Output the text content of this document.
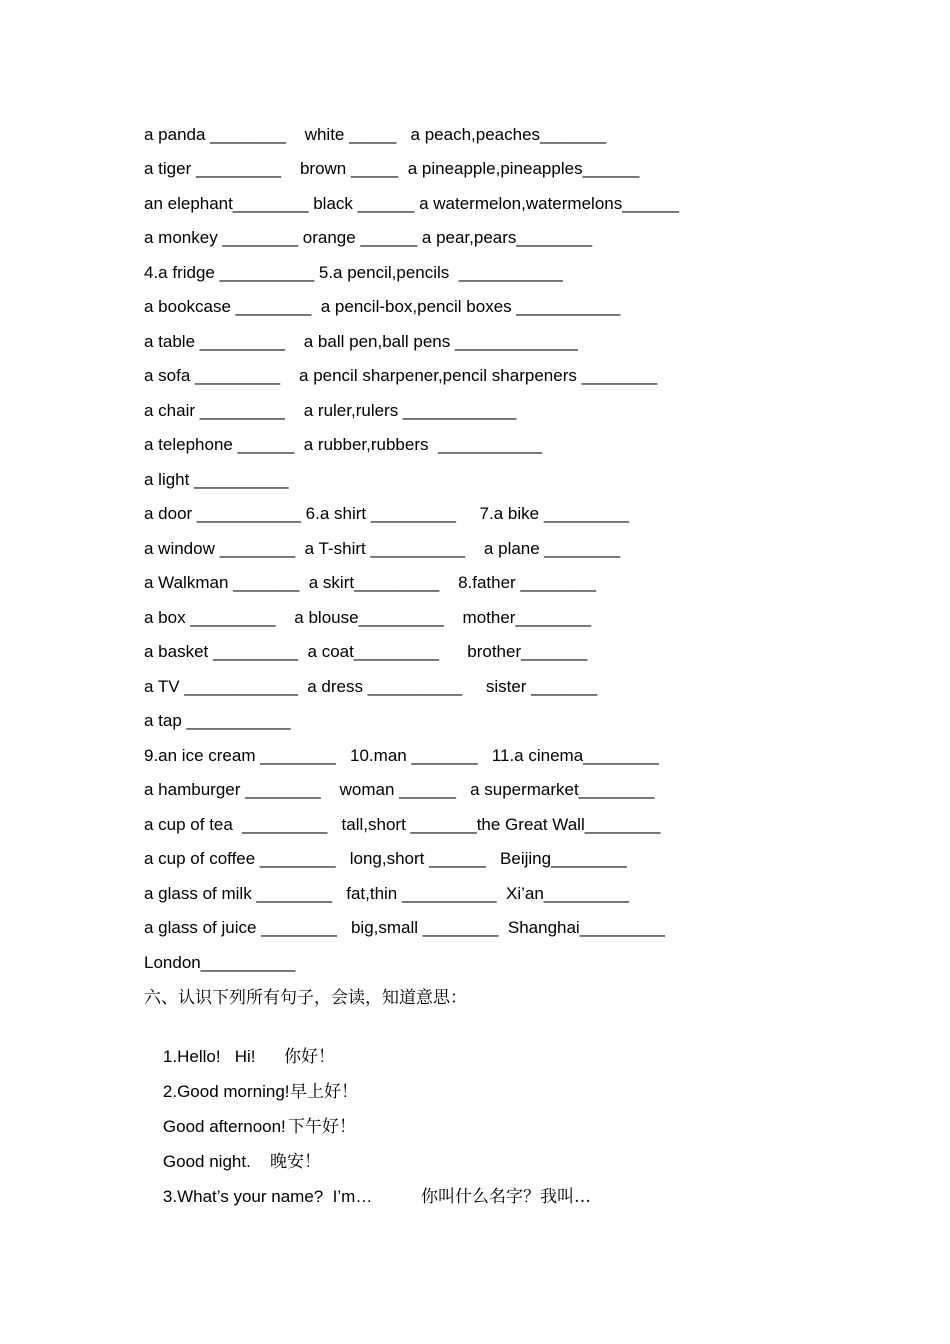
a panda ________    white _____   a peach,peaches_______
a tiger _________    brown _____  a pineapple,pineapples______
an elephant________ black ______ a watermelon,watermelons______
a monkey ________ orange ______ a pear,pears________
4.a fridge __________ 5.a pencil,pencils  ___________
a bookcase ________  a pencil-box,pencil boxes ___________
a table _________    a ball pen,ball pens _____________
a sofa _________    a pencil sharpener,pencil sharpeners ________
a chair _________    a ruler,rulers ____________
a telephone ______  a rubber,rubbers  ___________
a light __________
a door ___________ 6.a shirt _________     7.a bike _________
a window ________  a T-shirt __________    a plane ________
a Walkman _______  a skirt_________    8.father ________
a box _________    a blouse_________    mother________
a basket _________  a coat_________      brother_______
a TV ____________  a dress __________     sister _______
a tap ___________
9.an ice cream ________   10.man _______   11.a cinema________
a hamburger ________    woman ______   a supermarket________
a cup of tea  _________   tall,short _______the Great Wall________
a cup of coffee ________   long,short ______   Beijing________
a glass of milk ________   fat,thin __________  Xi’an_________
a glass of juice ________   big,small ________  Shanghai_________
London__________
六、认识下列所有句子，会读，知道意思：

1.Hello!   Hi! 你好！

2.Good morning! 早上好！

Good afternoon! 下午好！

Good night. 晚安！

3.What’s your name?  I’m…	你叫什么名字？我叫…
